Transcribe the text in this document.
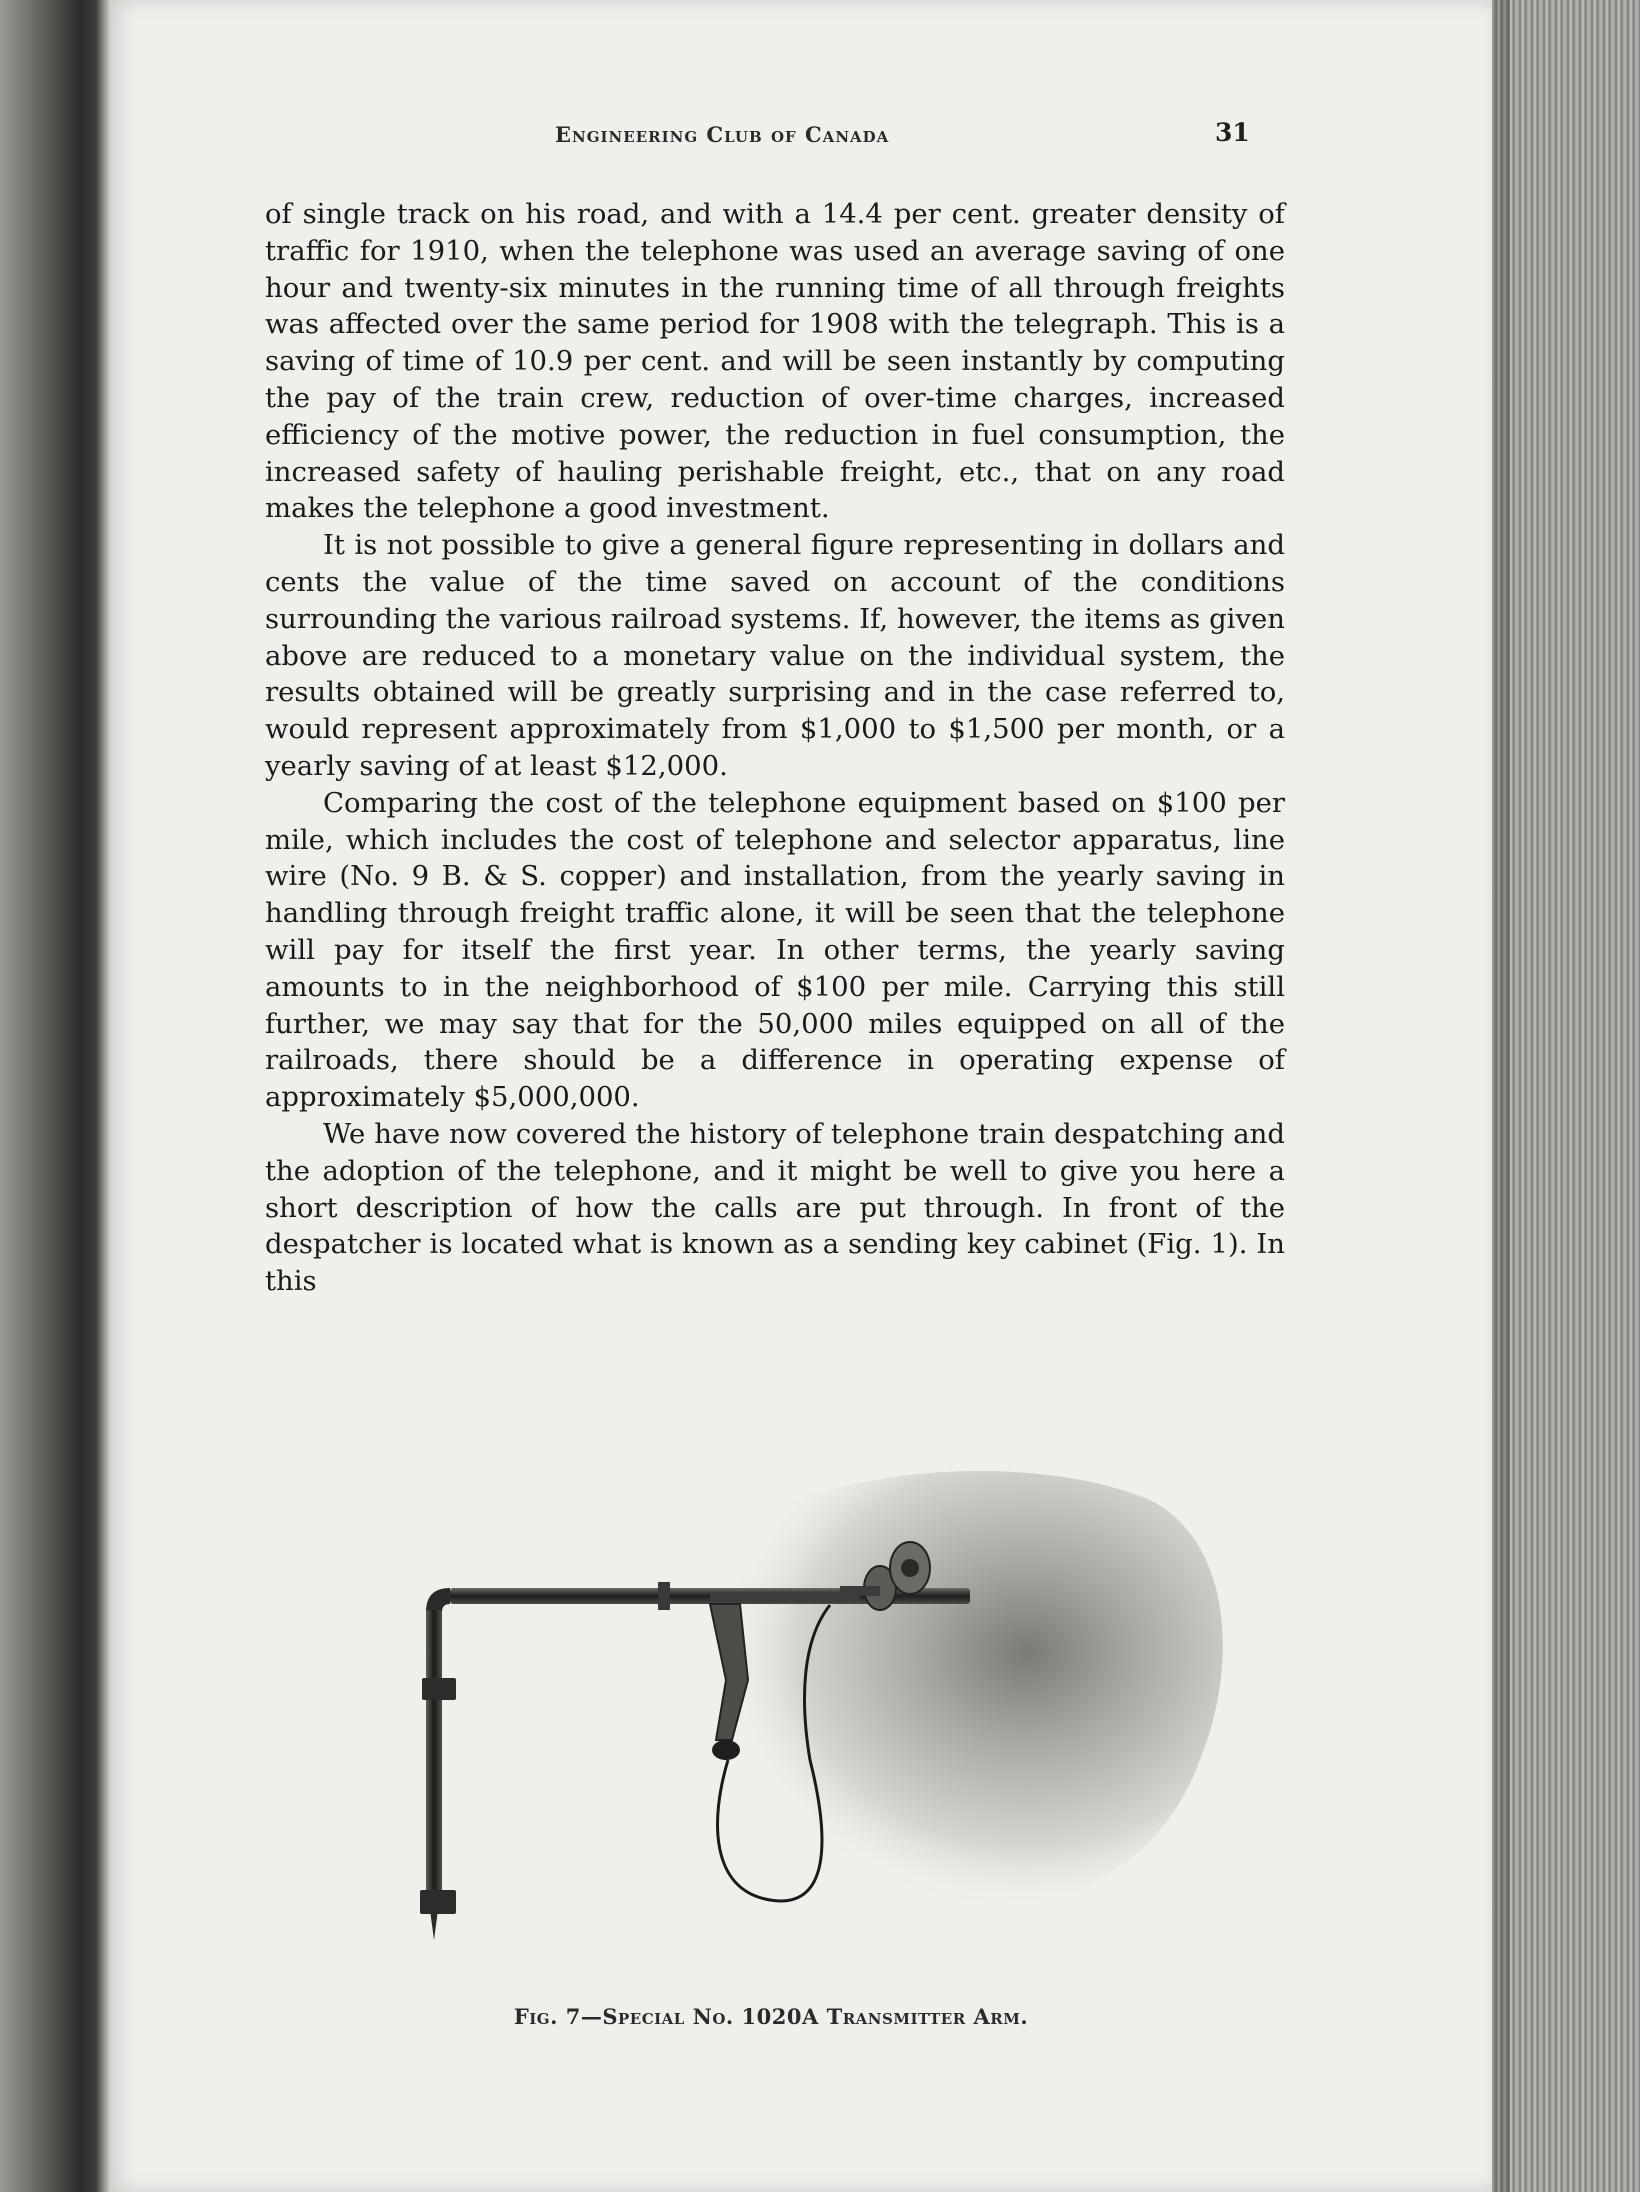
Engineering Club of Canada	31

of single track on his road, and with a 14.4 per cent. greater density of traffic for 1910, when the telephone was used an average saving of one hour and twenty-six minutes in the running time of all through freights was affected over the same period for 1908 with the telegraph. This is a saving of time of 10.9 per cent. and will be seen instantly by computing the pay of the train crew, reduction of over-time charges, increased efficiency of the motive power, the reduction in fuel consumption, the increased safety of hauling perishable freight, etc., that on any road makes the telephone a good investment.

It is not possible to give a general figure representing in dollars and cents the value of the time saved on account of the conditions surrounding the various railroad systems. If, however, the items as given above are reduced to a monetary value on the individual system, the results obtained will be greatly surprising and in the case referred to, would represent approximately from $1,000 to $1,500 per month, or a yearly saving of at least $12,000.

Comparing the cost of the telephone equipment based on $100 per mile, which includes the cost of telephone and selector apparatus, line wire (No. 9 B. & S. copper) and installation, from the yearly saving in handling through freight traffic alone, it will be seen that the telephone will pay for itself the first year. In other terms, the yearly saving amounts to in the neighborhood of $100 per mile. Carrying this still further, we may say that for the 50,000 miles equipped on all of the railroads, there should be a difference in operating expense of approximately $5,000,000.

We have now covered the history of telephone train despatching and the adoption of the telephone, and it might be well to give you here a short description of how the calls are put through. In front of the despatcher is located what is known as a sending key cabinet (Fig. 1). In this

Fig. 7—Special No. 1020A Transmitter Arm.
